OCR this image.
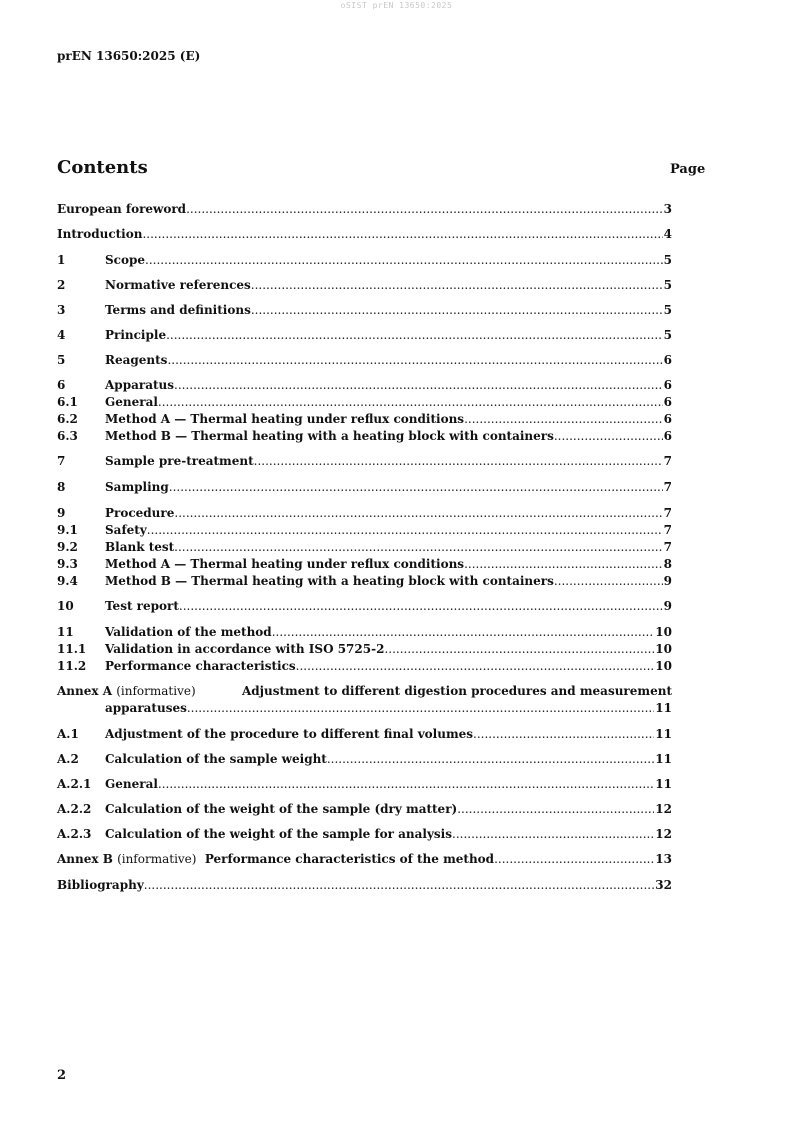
oSIST prEN 13650:2025
prEN 13650:2025 (E)
Contents	Page
European foreword .....	3
Introduction .....	4
1	Scope .....	5
2	Normative references .....	5
3	Terms and definitions .....	5
4	Principle .....	5
5	Reagents .....	6
6	Apparatus .....	6
6.1	General .....	6
6.2	Method A — Thermal heating under reflux conditions .....	6
6.3	Method B — Thermal heating with a heating block with containers .....	6
7	Sample pre-treatment .....	7
8	Sampling .....	7
9	Procedure .....	7
9.1	Safety .....	7
9.2	Blank test .....	7
9.3	Method A — Thermal heating under reflux conditions .....	8
9.4	Method B — Thermal heating with a heating block with containers .....	9
10	Test report .....	9
11	Validation of the method .....	10
11.1	Validation in accordance with ISO 5725-2 .....	10
11.2	Performance characteristics .....	10
Annex A (informative)	Adjustment to different digestion procedures and measurement
apparatuses .....	11
A.1	Adjustment of the procedure to different final volumes .....	11
A.2	Calculation of the sample weight .....	11
A.2.1	General .....	11
A.2.2	Calculation of the weight of the sample (dry matter) .....	12
A.2.3	Calculation of the weight of the sample for analysis .....	12
Annex B
(informative)
Performance characteristics of the method .....	13
Bibliography .....	32
2
